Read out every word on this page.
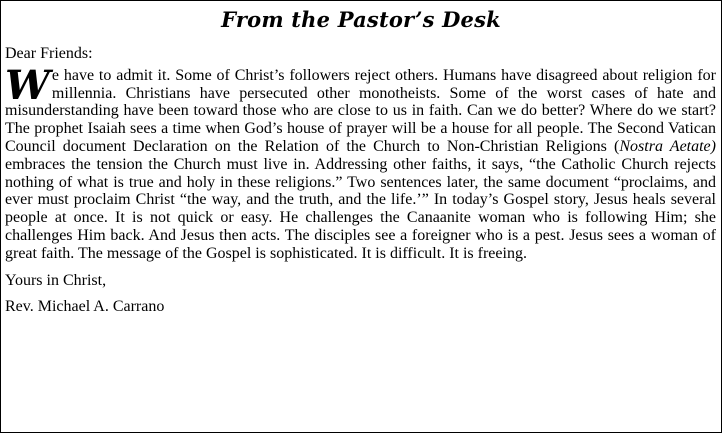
From the Pastor’s Desk

Dear Friends:

We have to admit it. Some of Christ’s followers reject others. Humans have disagreed about religion for millennia. Christians have persecuted other monotheists. Some of the worst cases of hate and misunderstanding have been toward those who are close to us in faith. Can we do better? Where do we start? The prophet Isaiah sees a time when God’s house of prayer will be a house for all people. The Second Vatican Council document Declaration on the Relation of the Church to Non-Christian Religions (Nostra Aetate) embraces the tension the Church must live in. Addressing other faiths, it says, “the Catholic Church rejects nothing of what is true and holy in these religions.” Two sentences later, the same document “proclaims, and ever must proclaim Christ “the way, and the truth, and the life.’” In today’s Gospel story, Jesus heals several people at once. It is not quick or easy. He challenges the Canaanite woman who is following Him; she challenges Him back. And Jesus then acts. The disciples see a foreigner who is a pest. Jesus sees a woman of great faith. The message of the Gospel is sophisticated. It is difficult. It is freeing.

Yours in Christ,

Rev. Michael A. Carrano
